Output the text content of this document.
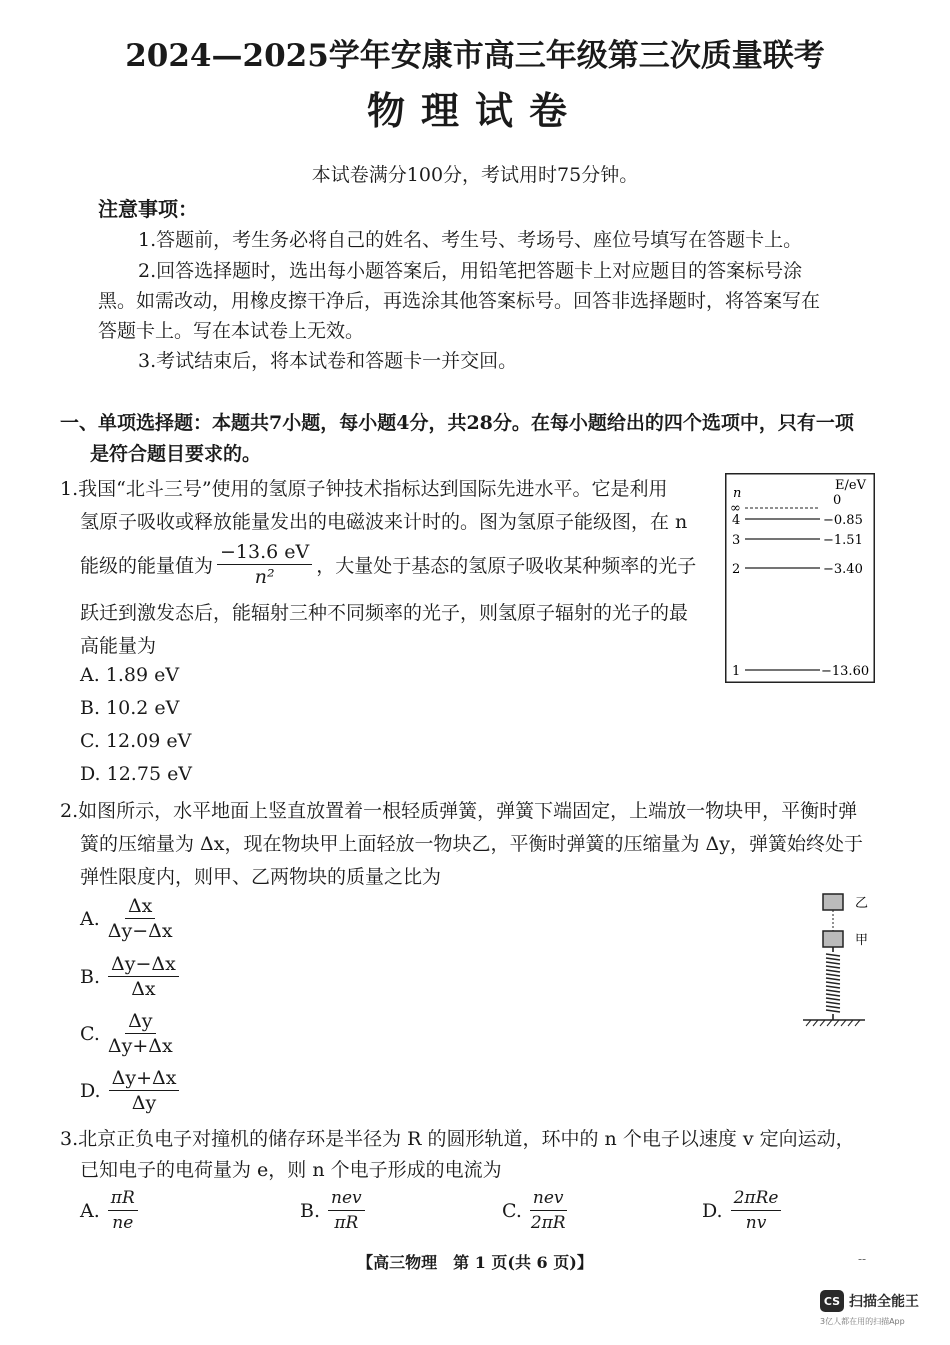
2024—2025学年安康市高三年级第三次质量联考
物理试卷
本试卷满分100分，考试用时75分钟。
注意事项：
1.答题前，考生务必将自己的姓名、考生号、考场号、座位号填写在答题卡上。
2.回答选择题时，选出每小题答案后，用铅笔把答题卡上对应题目的答案标号涂
黑。如需改动，用橡皮擦干净后，再选涂其他答案标号。回答非选择题时，将答案写在
答题卡上。写在本试卷上无效。
3.考试结束后，将本试卷和答题卡一并交回。
一、单项选择题：本题共7小题，每小题4分，共28分。在每小题给出的四个选项中，只有一项
是符合题目要求的。
1.我国“北斗三号”使用的氢原子钟技术指标达到国际先进水平。它是利用
氢原子吸收或释放能量发出的电磁波来计时的。图为氢原子能级图，在 n
能级的能量值为 $\frac{-13.6 eV}{\text{n²}}$ ，大量处于基态的氢原子吸收某种频率的光子
跃迁到激发态后，能辐射三种不同频率的光子，则氢原子辐射的光子的最
高能量为
A. 1.89 eV
B. 10.2 eV
C. 12.09 eV
D. 12.75 eV
n
E/eV
∞
0
4	−0.85
3	−1.51
2	−3.40
1	−13.60
2.如图所示，水平地面上竖直放置着一根轻质弹簧，弹簧下端固定，上端放一物块甲，平衡时弹
簧的压缩量为 Δx，现在物块甲上面轻放一物块乙，平衡时弹簧的压缩量为 Δy，弹簧始终处于
弹性限度内，则甲、乙两物块的质量之比为
A. $\frac{\Delta x}{\Delta y-\Delta x}$
B. $\frac{\Delta y-\Delta x}{\Delta x}$
C. $\frac{\Delta y}{\Delta y+\Delta x}$
D. $\frac{\Delta y+\Delta x}{\Delta y}$
乙
甲
3.北京正负电子对撞机的储存环是半径为 R 的圆形轨道，环中的 n 个电子以速度 v 定向运动，
已知电子的电荷量为 e，则 n 个电子形成的电流为
A. $\frac{\pi R}{ne}$	B. $\frac{\text{nev}}{\pi R}$	C. $\frac{\text{nev}}{2\pi R}$	D. $\frac{\text{2πRe}}{nv}$
【高三物理　第 1 页(共 6 页)】	--
CS 扫描全能王
3亿人都在用的扫描App
